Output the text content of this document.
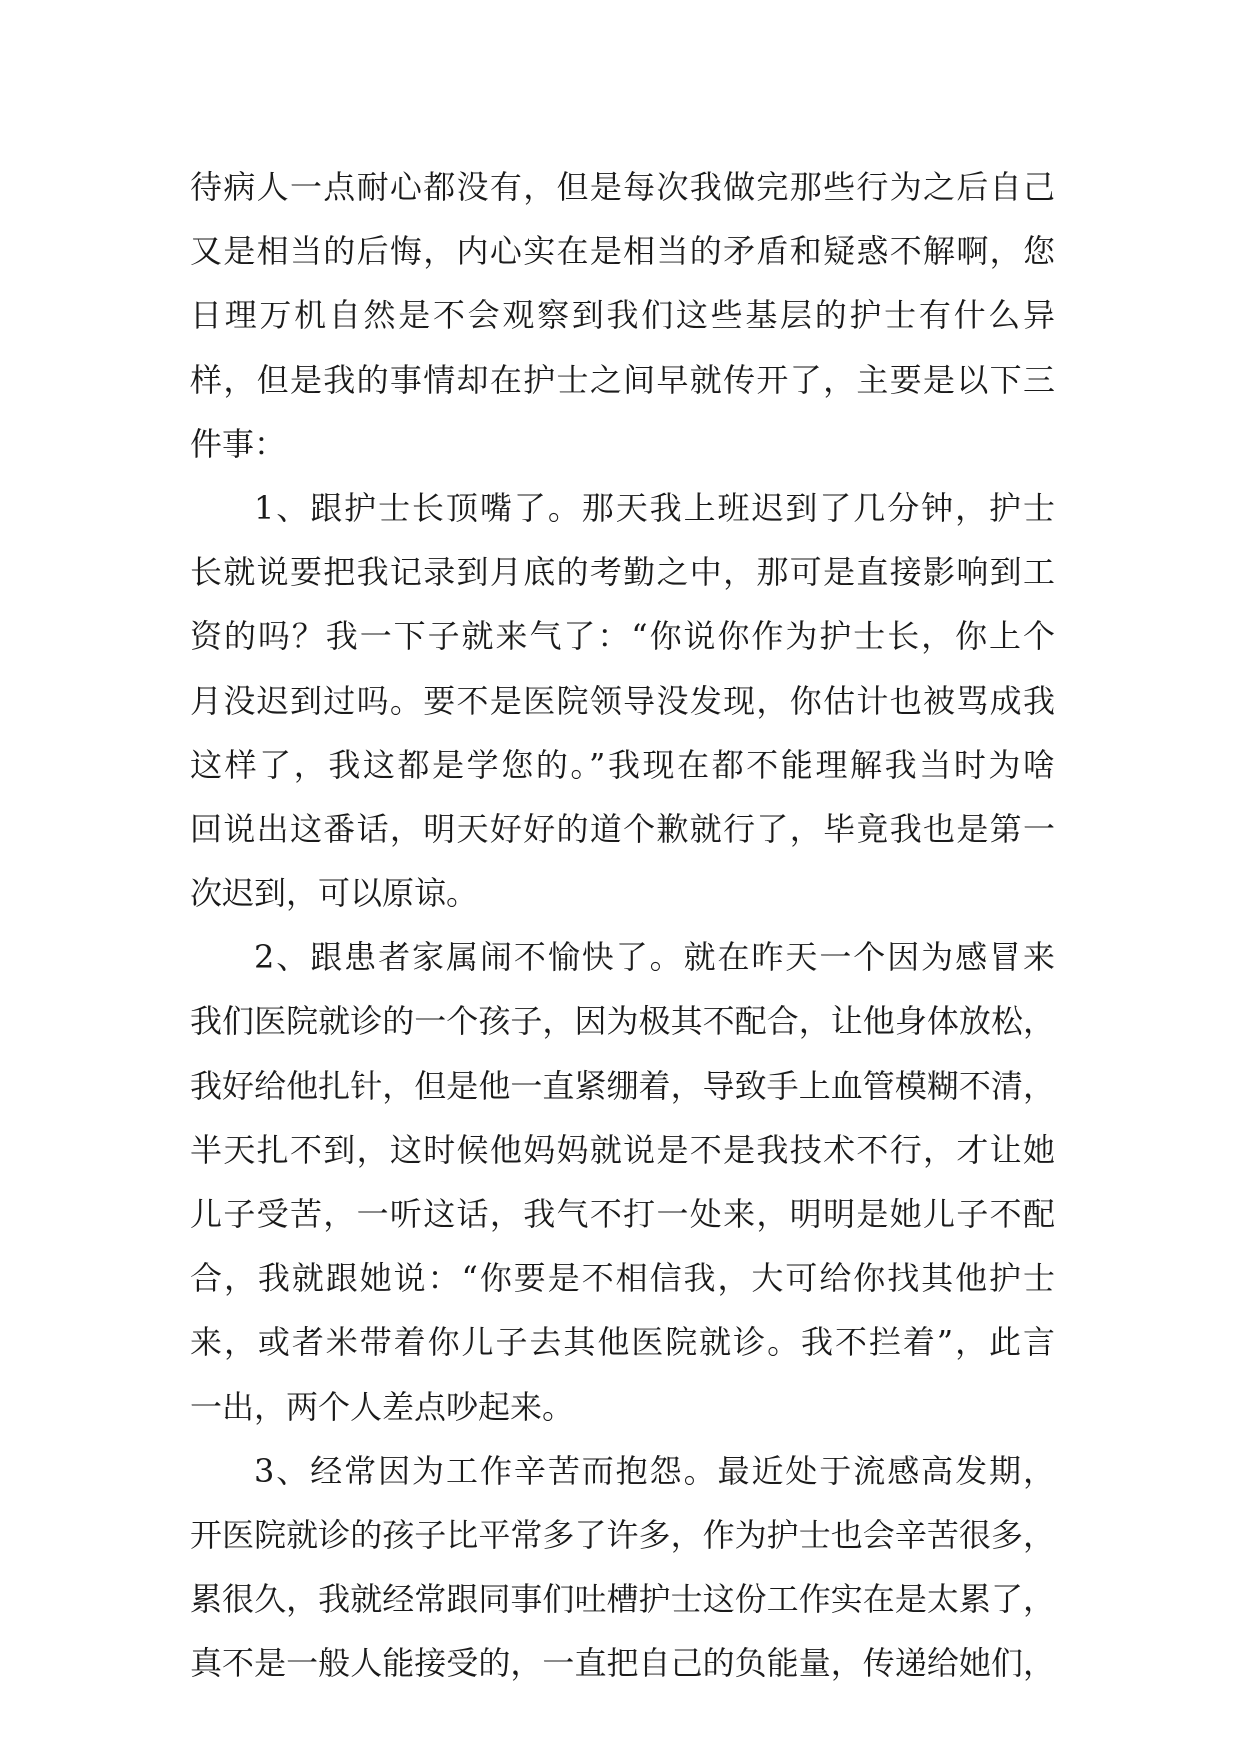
待病人一点耐心都没有，但是每次我做完那些行为之后自己
又是相当的后悔，内心实在是相当的矛盾和疑惑不解啊，您
日理万机自然是不会观察到我们这些基层的护士有什么异
样，但是我的事情却在护士之间早就传开了，主要是以下三
件事：
1、跟护士长顶嘴了。那天我上班迟到了几分钟，护士
长就说要把我记录到月底的考勤之中，那可是直接影响到工
资的吗？我一下子就来气了：“你说你作为护士长，你上个
月没迟到过吗。要不是医院领导没发现，你估计也被骂成我
这样了，我这都是学您的。”我现在都不能理解我当时为啥
回说出这番话，明天好好的道个歉就行了，毕竟我也是第一
次迟到，可以原谅。
2、跟患者家属闹不愉快了。就在昨天一个因为感冒来
我们医院就诊的一个孩子，因为极其不配合，让他身体放松，
我好给他扎针，但是他一直紧绷着，导致手上血管模糊不清，
半天扎不到，这时候他妈妈就说是不是我技术不行，才让她
儿子受苦，一听这话，我气不打一处来，明明是她儿子不配
合，我就跟她说：“你要是不相信我，大可给你找其他护士
来，或者米带着你儿子去其他医院就诊。我不拦着”，此言
一出，两个人差点吵起来。
3、经常因为工作辛苦而抱怨。最近处于流感高发期，
开医院就诊的孩子比平常多了许多，作为护士也会辛苦很多，
累很久，我就经常跟同事们吐槽护士这份工作实在是太累了，
真不是一般人能接受的，一直把自己的负能量，传递给她们，
